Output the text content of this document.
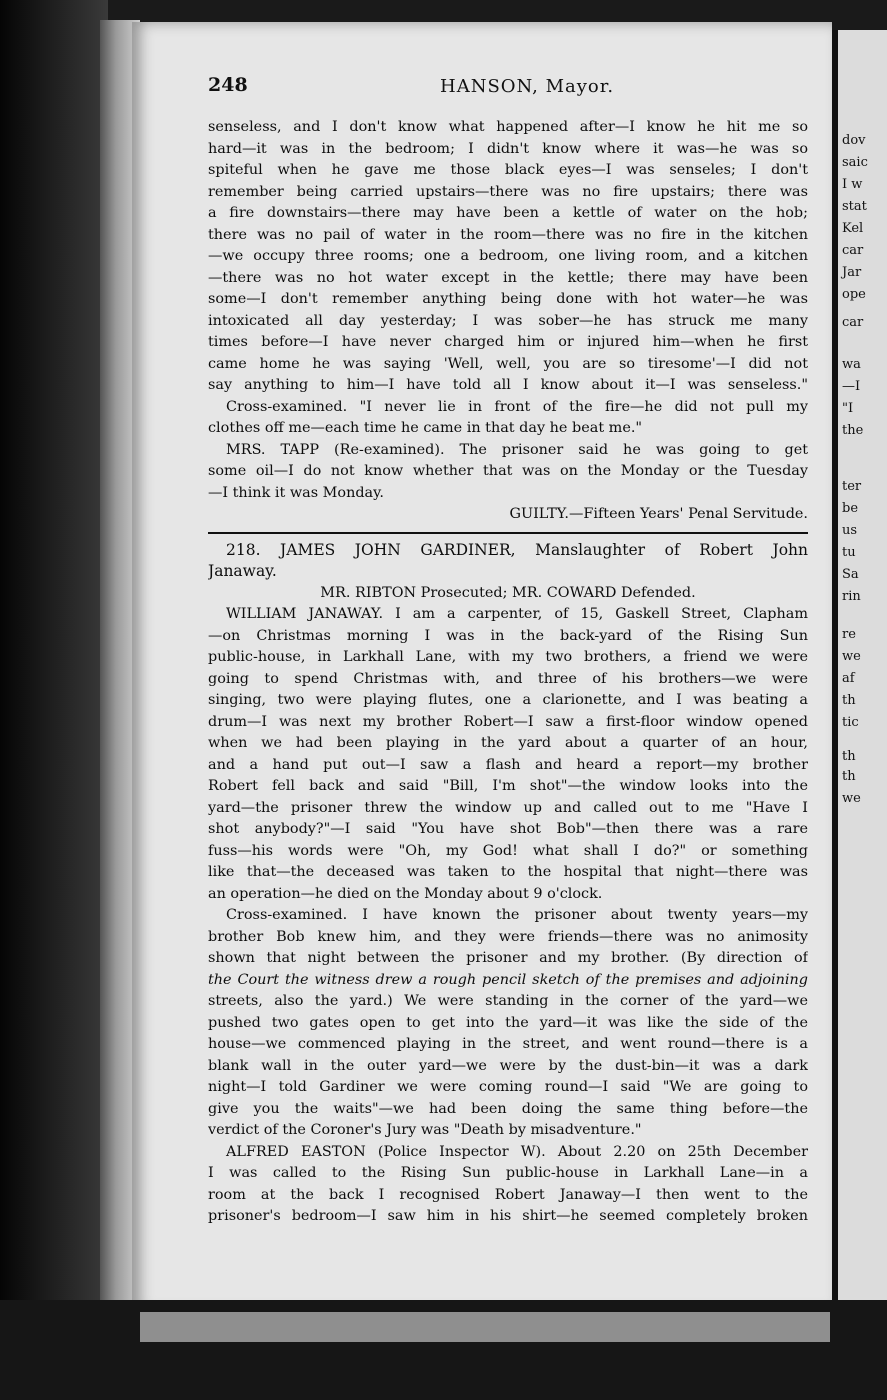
dov
saic
I w
stat
Kel
car
Jar
ope
car
wa
—I
"I
the
ter
be
us
tu
Sa
rin
re
we
af
th
tic
th
th
we
248	HANSON, Mayor.
senseless, and I don't know what happened after—I know he hit me so
hard—it was in the bedroom; I didn't know where it was—he was so
spiteful when he gave me those black eyes—I was senseles; I don't
remember being carried upstairs—there was no fire upstairs; there was
a fire downstairs—there may have been a kettle of water on the hob;
there was no pail of water in the room—there was no fire in the kitchen
—we occupy three rooms; one a bedroom, one living room, and a kitchen
—there was no hot water except in the kettle; there may have been
some—I don't remember anything being done with hot water—he was
intoxicated all day yesterday; I was sober—he has struck me many
times before—I have never charged him or injured him—when he first
came home he was saying 'Well, well, you are so tiresome'—I did not
say anything to him—I have told all I know about it—I was senseless."
Cross-examined. "I never lie in front of the fire—he did not pull my
clothes off me—each time he came in that day he beat me."
MRS. TAPP (Re-examined). The prisoner said he was going to get
some oil—I do not know whether that was on the Monday or the Tuesday
—I think it was Monday.
GUILTY.—Fifteen Years' Penal Servitude.
218. JAMES JOHN GARDINER, Manslaughter of Robert John
Janaway.
MR. RIBTON Prosecuted; MR. COWARD Defended.
WILLIAM JANAWAY. I am a carpenter, of 15, Gaskell Street, Clapham
—on Christmas morning I was in the back-yard of the Rising Sun
public-house, in Larkhall Lane, with my two brothers, a friend we were
going to spend Christmas with, and three of his brothers—we were
singing, two were playing flutes, one a clarionette, and I was beating a
drum—I was next my brother Robert—I saw a first-floor window opened
when we had been playing in the yard about a quarter of an hour,
and a hand put out—I saw a flash and heard a report—my brother
Robert fell back and said "Bill, I'm shot"—the window looks into the
yard—the prisoner threw the window up and called out to me "Have I
shot anybody?"—I said "You have shot Bob"—then there was a rare
fuss—his words were "Oh, my God! what shall I do?" or something
like that—the deceased was taken to the hospital that night—there was
an operation—he died on the Monday about 9 o'clock.
Cross-examined. I have known the prisoner about twenty years—my
brother Bob knew him, and they were friends—there was no animosity
shown that night between the prisoner and my brother. (By direction of
the Court the witness drew a rough pencil sketch of the premises and adjoining
streets, also the yard.) We were standing in the corner of the yard—we
pushed two gates open to get into the yard—it was like the side of the
house—we commenced playing in the street, and went round—there is a
blank wall in the outer yard—we were by the dust-bin—it was a dark
night—I told Gardiner we were coming round—I said "We are going to
give you the waits"—we had been doing the same thing before—the
verdict of the Coroner's Jury was "Death by misadventure."
ALFRED EASTON (Police Inspector W). About 2.20 on 25th December
I was called to the Rising Sun public-house in Larkhall Lane—in a
room at the back I recognised Robert Janaway—I then went to the
prisoner's bedroom—I saw him in his shirt—he seemed completely broken
